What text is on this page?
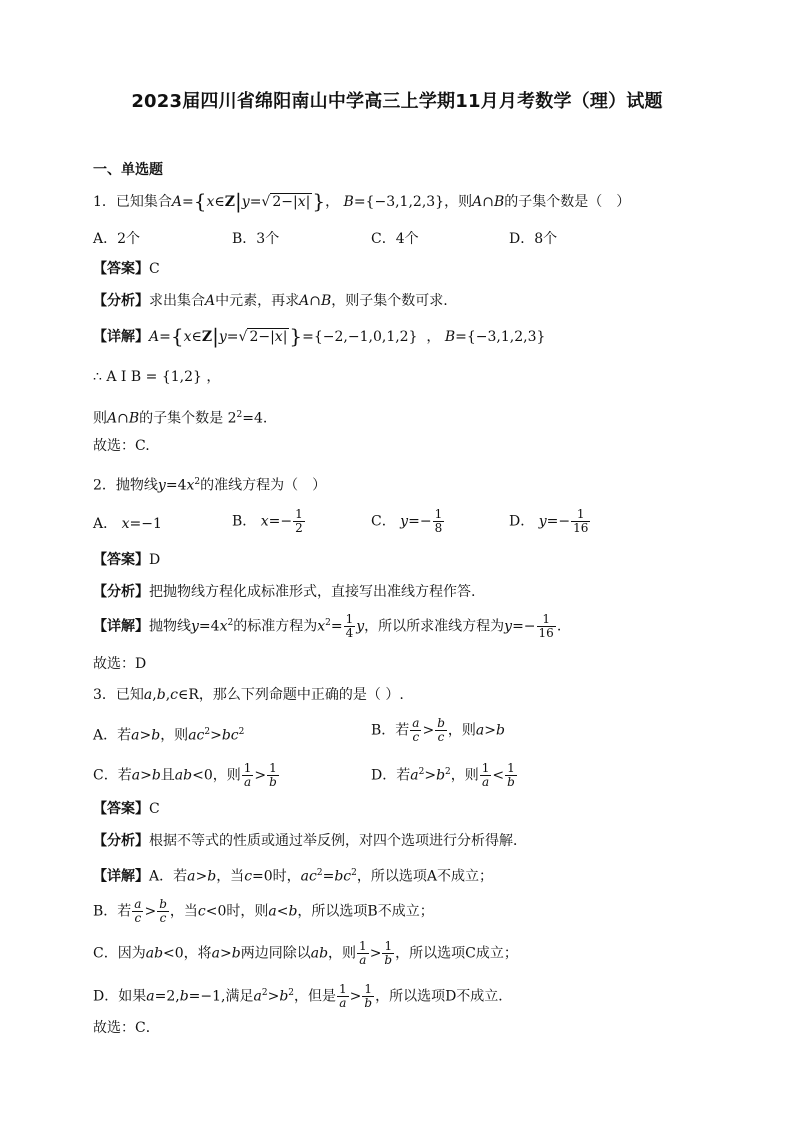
2023届四川省绵阳南山中学高三上学期11月月考数学（理）试题
一、单选题
1．已知集合A={x∈Z|y=√ 2−|x| }， B={−3,1,2,3}，则A∩B的子集个数是（　）
A．2个	B．3个	C．4个	D．8个
【答案】C
【分析】求出集合A中元素，再求A∩B，则子集个数可求.
【详解】A={x∈Z|y=√ 2−|x| }={−2,−1,0,1,2}  ， B={−3,1,2,3}
∴ A I B = {1,2} ，
则A∩B的子集个数是 $2^2=4$.
故选：C.
2．抛物线$y=4x^2$的准线方程为（　）
A． x=−1	B． $x=- \frac{1}{2}$	C． $y=- \frac{1}{8}$	D． $y=- \frac{1}{16}$
【答案】D
【分析】把抛物线方程化成标准形式，直接写出准线方程作答.
【详解】抛物线$y=4x^2$的标准方程为$x^2= \frac{1}{4}$ y，所以所求准线方程为$y=- \frac{1}{16}$ .
故选：D
3．已知a,b,c∈R，那么下列命题中正确的是（ ）.
A．若a>b，则$ac^2>bc^2$	B．若 $\frac{a}{c} > \frac{b}{c}$ ，则a>b
C．若a>b且ab<0，则 $\frac{1}{a} > \frac{1}{b}$	D．若$a^2>b^2$，则 $\frac{1}{a} < \frac{1}{b}$
【答案】C
【分析】根据不等式的性质或通过举反例，对四个选项进行分析得解．
【详解】A．若a>b，当c=0时，$ac^2=bc^2$，所以选项A不成立；
B．若 $\frac{a}{c} > \frac{b}{c}$ ，当c<0时，则a<b，所以选项B不成立；
C．因为ab<0，将a>b两边同除以ab，则 $\frac{1}{a} > \frac{1}{b}$ ，所以选项C成立；
D．如果a=2,b=−1,满足$a^2>b^2$，但是 $\frac{1}{a} > \frac{1}{b}$ ，所以选项D不成立．
故选：C．
